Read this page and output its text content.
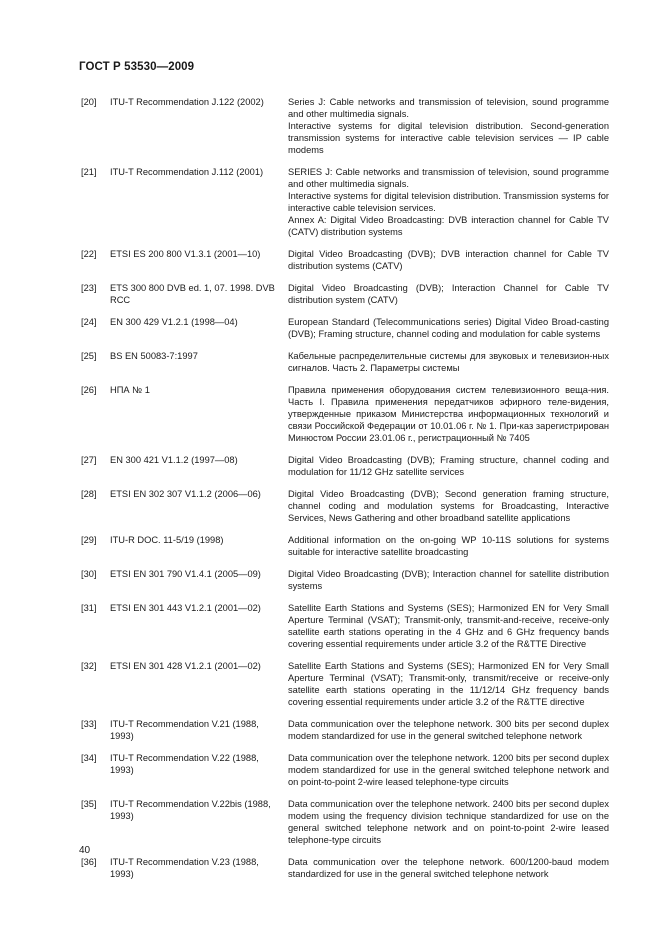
ГОСТ Р 53530—2009
[20]	ITU-T Recommendation J.122 (2002)	Series J: Cable networks and transmission of television, sound programme and other multimedia signals.

Interactive systems for digital television distribution. Second-generation transmission systems for interactive cable television services — IP cable modems

[21]	ITU-T Recommendation J.112 (2001)	SERIES J: Cable networks and transmission of television, sound programme and other multimedia signals.

Interactive systems for digital television distribution. Transmission systems for interactive cable television services.

Annex A: Digital Video Broadcasting: DVB interaction channel for Cable TV (CATV) distribution systems

[22]	ETSI ES 200 800 V1.3.1 (2001—10)	Digital Video Broadcasting (DVB); DVB interaction channel for Cable TV distribution systems (CATV)

[23]	ETS 300 800 DVB ed. 1, 07. 1998. DVB RCC

Digital Video Broadcasting (DVB); Interaction Channel for Cable TV distribution system (CATV)

[24]	EN 300 429 V1.2.1 (1998—04)	European Standard (Telecommunications series) Digital Video Broad-casting (DVB); Framing structure, channel coding and modulation for cable systems

[25]	BS EN 50083-7:1997	Кабельные распределительные системы для звуковых и телевизион-ных сигналов. Часть 2. Параметры системы

[26]	НПА № 1	Правила применения оборудования систем телевизионного веща-ния. Часть I. Правила применения передатчиков эфирного теле-видения, утвержденные приказом Министерства информационных технологий и связи Российской Федерации от 10.01.06 г. № 1. При-каз зарегистрирован Минюстом России 23.01.06 г., регистрационный № 7405

[27]	EN 300 421 V1.1.2 (1997—08)	Digital Video Broadcasting (DVB); Framing structure, channel coding and modulation for 11/12 GHz satellite services

[28]	ETSI EN 302 307 V1.1.2 (2006—06)	Digital Video Broadcasting (DVB); Second generation framing structure, channel coding and modulation systems for Broadcasting, Interactive Services, News Gathering and other broadband satellite applications

[29]	ITU-R DOC. 11-5/19 (1998)	Additional information on the on-going WP 10-11S solutions for systems suitable for interactive satellite broadcasting

[30]	ETSI EN 301 790 V1.4.1 (2005—09)	Digital Video Broadcasting (DVB); Interaction channel for satellite distribution systems

[31]	ETSI EN 301 443 V1.2.1 (2001—02)	Satellite Earth Stations and Systems (SES); Harmonized EN for Very Small Aperture Terminal (VSAT); Transmit-only, transmit-and-receive, receive-only satellite earth stations operating in the 4 GHz and 6 GHz frequency bands covering essential requirements under article 3.2 of the R&TTE Directive

[32]	ETSI EN 301 428 V1.2.1 (2001—02)	Satellite Earth Stations and Systems (SES); Harmonized EN for Very Small Aperture Terminal (VSAT); Transmit-only, transmit/receive or receive-only satellite earth stations operating in the 11/12/14 GHz frequency bands covering essential requirements under article 3.2 of the R&TTE directive

[33]	ITU-T Recommendation V.21 (1988, 1993)

Data communication over the telephone network. 300 bits per second duplex modem standardized for use in the general switched telephone network

[34]	ITU-T Recommendation V.22 (1988, 1993)

Data communication over the telephone network. 1200 bits per second duplex modem standardized for use in the general switched telephone network and on point-to-point 2-wire leased telephone-type circuits

[35]	ITU-T Recommendation V.22bis (1988, 1993)

Data communication over the telephone network. 2400 bits per second duplex modem using the frequency division technique standardized for use on the general switched telephone network and on point-to-point 2-wire leased telephone-type circuits

[36]	ITU-T Recommendation V.23 (1988, 1993)

Data communication over the telephone network. 600/1200-baud modem standardized for use in the general switched telephone network

40
